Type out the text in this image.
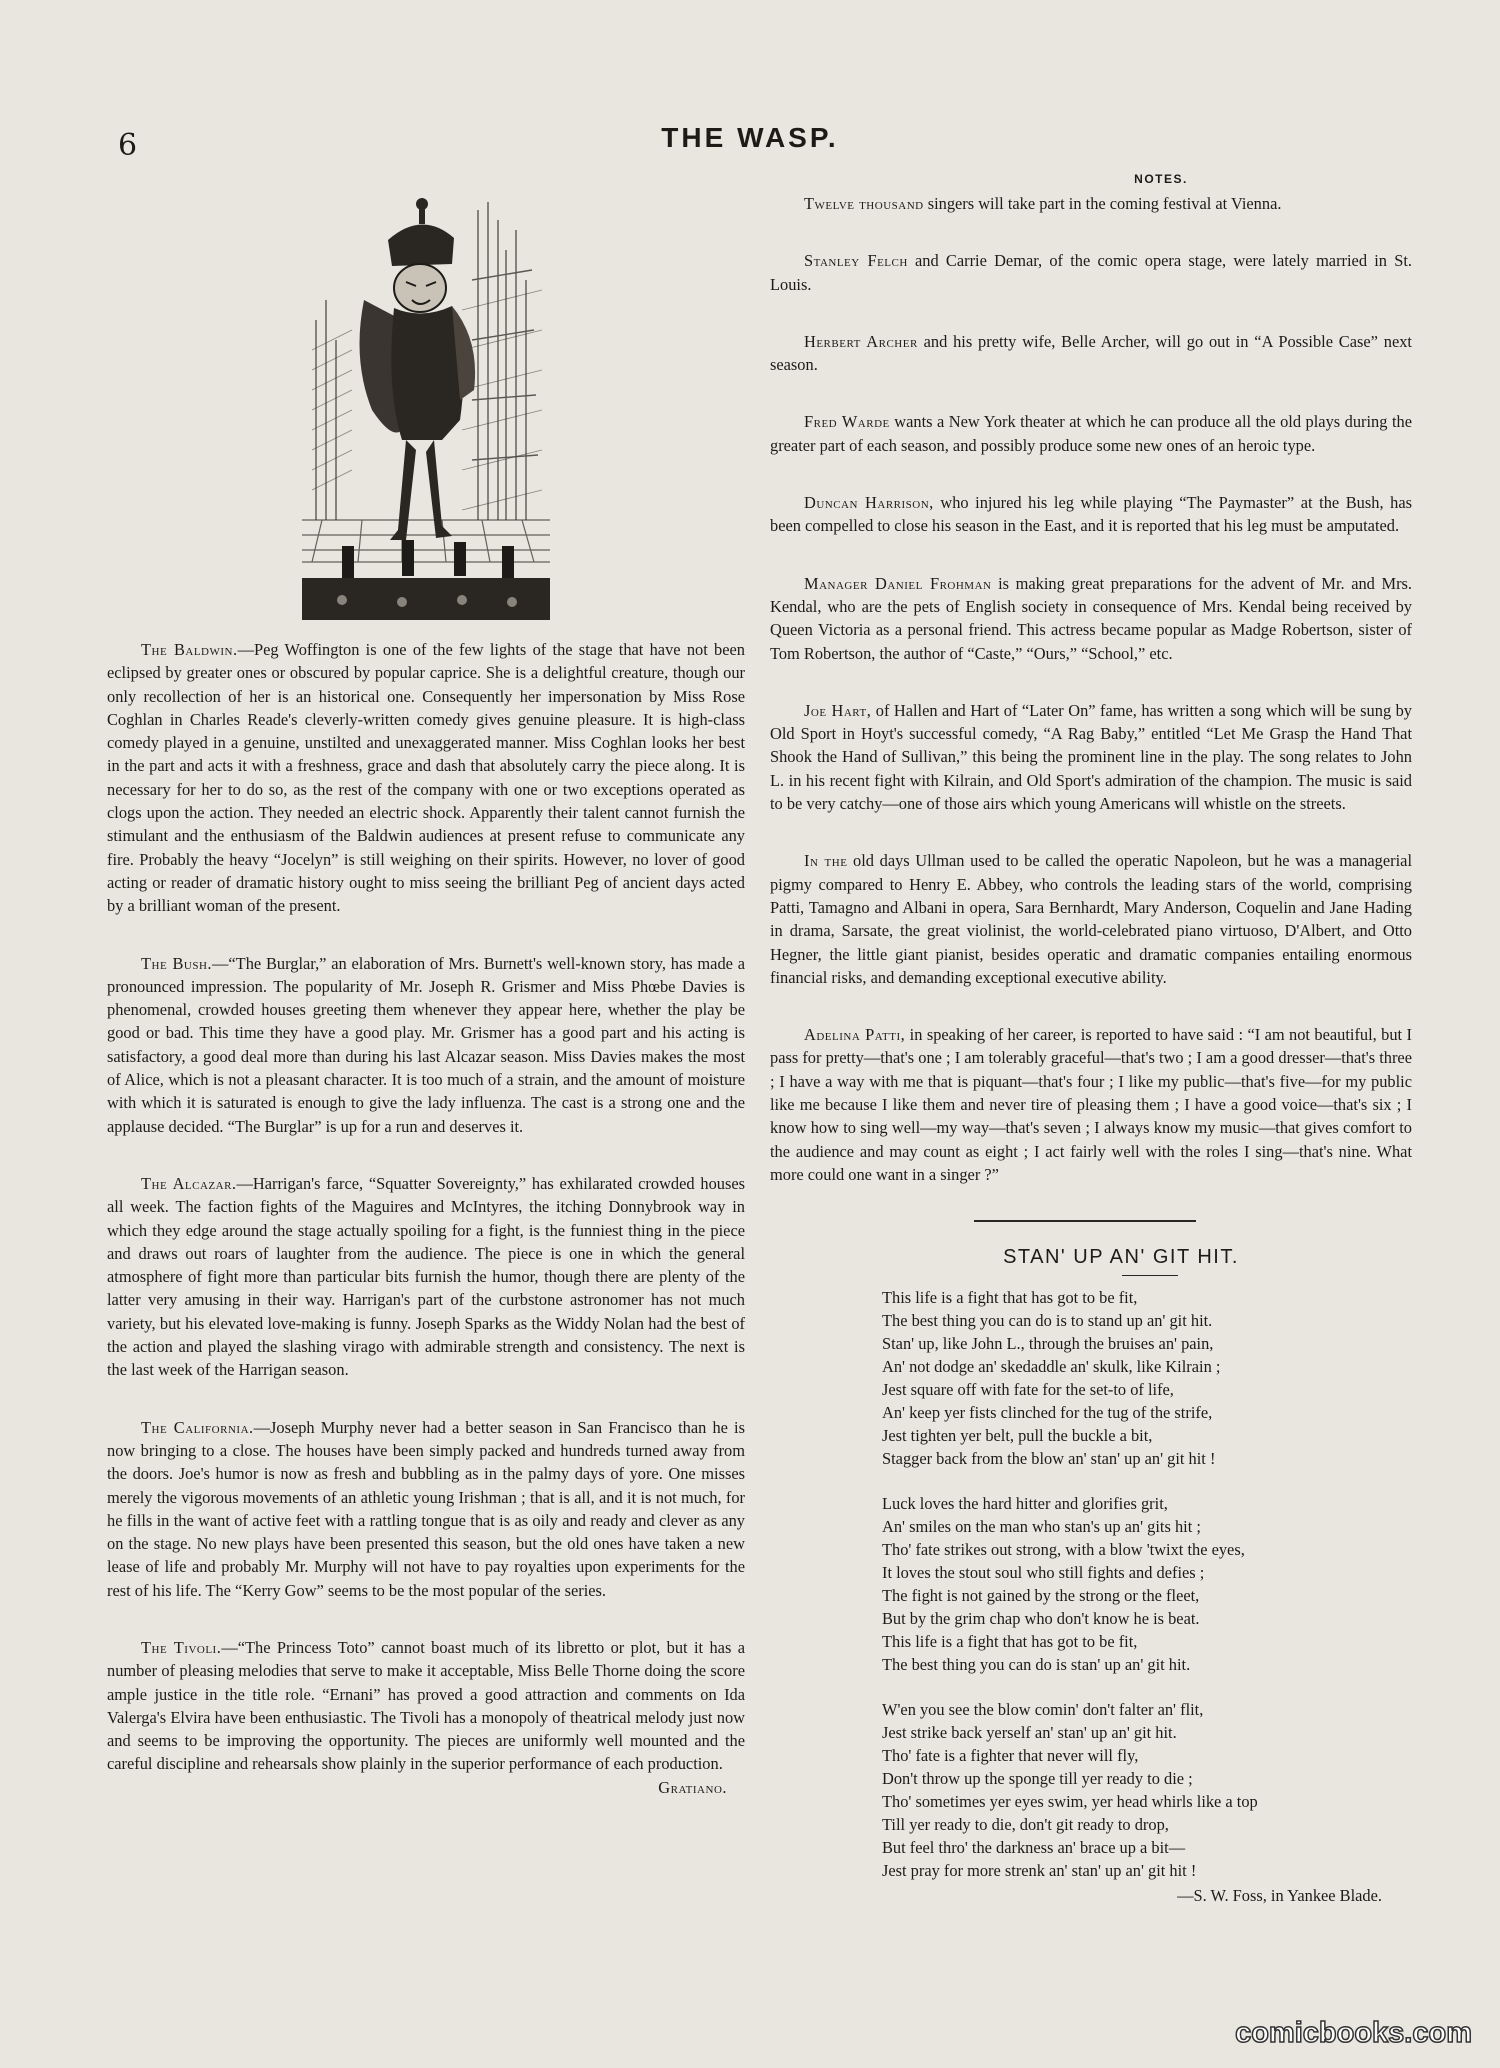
6	THE WASP.

The Baldwin.—Peg Woffington is one of the few lights of the stage that have not been eclipsed by greater ones or obscured by popular caprice. She is a delightful creature, though our only recollection of her is an historical one. Consequently her impersonation by Miss Rose Coghlan in Charles Reade's cleverly-written comedy gives genuine pleasure. It is high-class comedy played in a genuine, unstilted and unexaggerated manner. Miss Coghlan looks her best in the part and acts it with a freshness, grace and dash that absolutely carry the piece along. It is necessary for her to do so, as the rest of the company with one or two exceptions operated as clogs upon the action. They needed an electric shock. Apparently their talent cannot furnish the stimulant and the enthusiasm of the Baldwin audiences at present refuse to communicate any fire. Probably the heavy “Jocelyn” is still weighing on their spirits. However, no lover of good acting or reader of dramatic history ought to miss seeing the brilliant Peg of ancient days acted by a brilliant woman of the present.

The Bush.—“The Burglar,” an elaboration of Mrs. Burnett's well-known story, has made a pronounced impression. The popularity of Mr. Joseph R. Grismer and Miss Phœbe Davies is phenomenal, crowded houses greeting them whenever they appear here, whether the play be good or bad. This time they have a good play. Mr. Grismer has a good part and his acting is satisfactory, a good deal more than during his last Alcazar season. Miss Davies makes the most of Alice, which is not a pleasant character. It is too much of a strain, and the amount of moisture with which it is saturated is enough to give the lady influenza. The cast is a strong one and the applause decided. “The Burglar” is up for a run and deserves it.

The Alcazar.—Harrigan's farce, “Squatter Sovereignty,” has exhilarated crowded houses all week. The faction fights of the Maguires and McIntyres, the itching Donnybrook way in which they edge around the stage actually spoiling for a fight, is the funniest thing in the piece and draws out roars of laughter from the audience. The piece is one in which the general atmosphere of fight more than particular bits furnish the humor, though there are plenty of the latter very amusing in their way. Harrigan's part of the curbstone astronomer has not much variety, but his elevated love-making is funny. Joseph Sparks as the Widdy Nolan had the best of the action and played the slashing virago with admirable strength and consistency. The next is the last week of the Harrigan season.

The California.—Joseph Murphy never had a better season in San Francisco than he is now bringing to a close. The houses have been simply packed and hundreds turned away from the doors. Joe's humor is now as fresh and bubbling as in the palmy days of yore. One misses merely the vigorous movements of an athletic young Irishman ; that is all, and it is not much, for he fills in the want of active feet with a rattling tongue that is as oily and ready and clever as any on the stage. No new plays have been presented this season, but the old ones have taken a new lease of life and probably Mr. Murphy will not have to pay royalties upon experiments for the rest of his life. The “Kerry Gow” seems to be the most popular of the series.

The Tivoli.—“The Princess Toto” cannot boast much of its libretto or plot, but it has a number of pleasing melodies that serve to make it acceptable, Miss Belle Thorne doing the score ample justice in the title role. “Ernani” has proved a good attraction and comments on Ida Valerga's Elvira have been enthusiastic. The Tivoli has a monopoly of theatrical melody just now and seems to be improving the opportunity. The pieces are uniformly well mounted and the careful discipline and rehearsals show plainly in the superior performance of each production.
Gratiano.

NOTES.

Twelve thousand singers will take part in the coming festival at Vienna.

Stanley Felch and Carrie Demar, of the comic opera stage, were lately married in St. Louis.

Herbert Archer and his pretty wife, Belle Archer, will go out in “A Possible Case” next season.

Fred Warde wants a New York theater at which he can produce all the old plays during the greater part of each season, and possibly produce some new ones of an heroic type.

Duncan Harrison, who injured his leg while playing “The Paymaster” at the Bush, has been compelled to close his season in the East, and it is reported that his leg must be amputated.

Manager Daniel Frohman is making great preparations for the advent of Mr. and Mrs. Kendal, who are the pets of English society in consequence of Mrs. Kendal being received by Queen Victoria as a personal friend. This actress became popular as Madge Robertson, sister of Tom Robertson, the author of “Caste,” “Ours,” “School,” etc.

Joe Hart, of Hallen and Hart of “Later On” fame, has written a song which will be sung by Old Sport in Hoyt's successful comedy, “A Rag Baby,” entitled “Let Me Grasp the Hand That Shook the Hand of Sullivan,” this being the prominent line in the play. The song relates to John L. in his recent fight with Kilrain, and Old Sport's admiration of the champion. The music is said to be very catchy—one of those airs which young Americans will whistle on the streets.

In the old days Ullman used to be called the operatic Napoleon, but he was a managerial pigmy compared to Henry E. Abbey, who controls the leading stars of the world, comprising Patti, Tamagno and Albani in opera, Sara Bernhardt, Mary Anderson, Coquelin and Jane Hading in drama, Sarsate, the great violinist, the world-celebrated piano virtuoso, D'Albert, and Otto Hegner, the little giant pianist, besides operatic and dramatic companies entailing enormous financial risks, and demanding exceptional executive ability.

Adelina Patti, in speaking of her career, is reported to have said : “I am not beautiful, but I pass for pretty—that's one ; I am tolerably graceful—that's two ; I am a good dresser—that's three ; I have a way with me that is piquant—that's four ; I like my public—that's five—for my public like me because I like them and never tire of pleasing them ; I have a good voice—that's six ; I know how to sing well—my way—that's seven ; I always know my music—that gives comfort to the audience and may count as eight ; I act fairly well with the roles I sing—that's nine. What more could one want in a singer ?”

STAN' UP AN' GIT HIT.
This life is a fight that has got to be fit,
The best thing you can do is to stand up an' git hit.
Stan' up, like John L., through the bruises an' pain,
An' not dodge an' skedaddle an' skulk, like Kilrain ;
Jest square off with fate for the set-to of life,
An' keep yer fists clinched for the tug of the strife,
Jest tighten yer belt, pull the buckle a bit,
Stagger back from the blow an' stan' up an' git hit !
Luck loves the hard hitter and glorifies grit,
An' smiles on the man who stan's up an' gits hit ;
Tho' fate strikes out strong, with a blow 'twixt the eyes,
It loves the stout soul who still fights and defies ;
The fight is not gained by the strong or the fleet,
But by the grim chap who don't know he is beat.
This life is a fight that has got to be fit,
The best thing you can do is stan' up an' git hit.
W'en you see the blow comin' don't falter an' flit,
Jest strike back yerself an' stan' up an' git hit.
Tho' fate is a fighter that never will fly,
Don't throw up the sponge till yer ready to die ;
Tho' sometimes yer eyes swim, yer head whirls like a top
Till yer ready to die, don't git ready to drop,
But feel thro' the darkness an' brace up a bit—
Jest pray for more strenk an' stan' up an' git hit !
—S. W. Foss, in Yankee Blade.
comicbooks.com
